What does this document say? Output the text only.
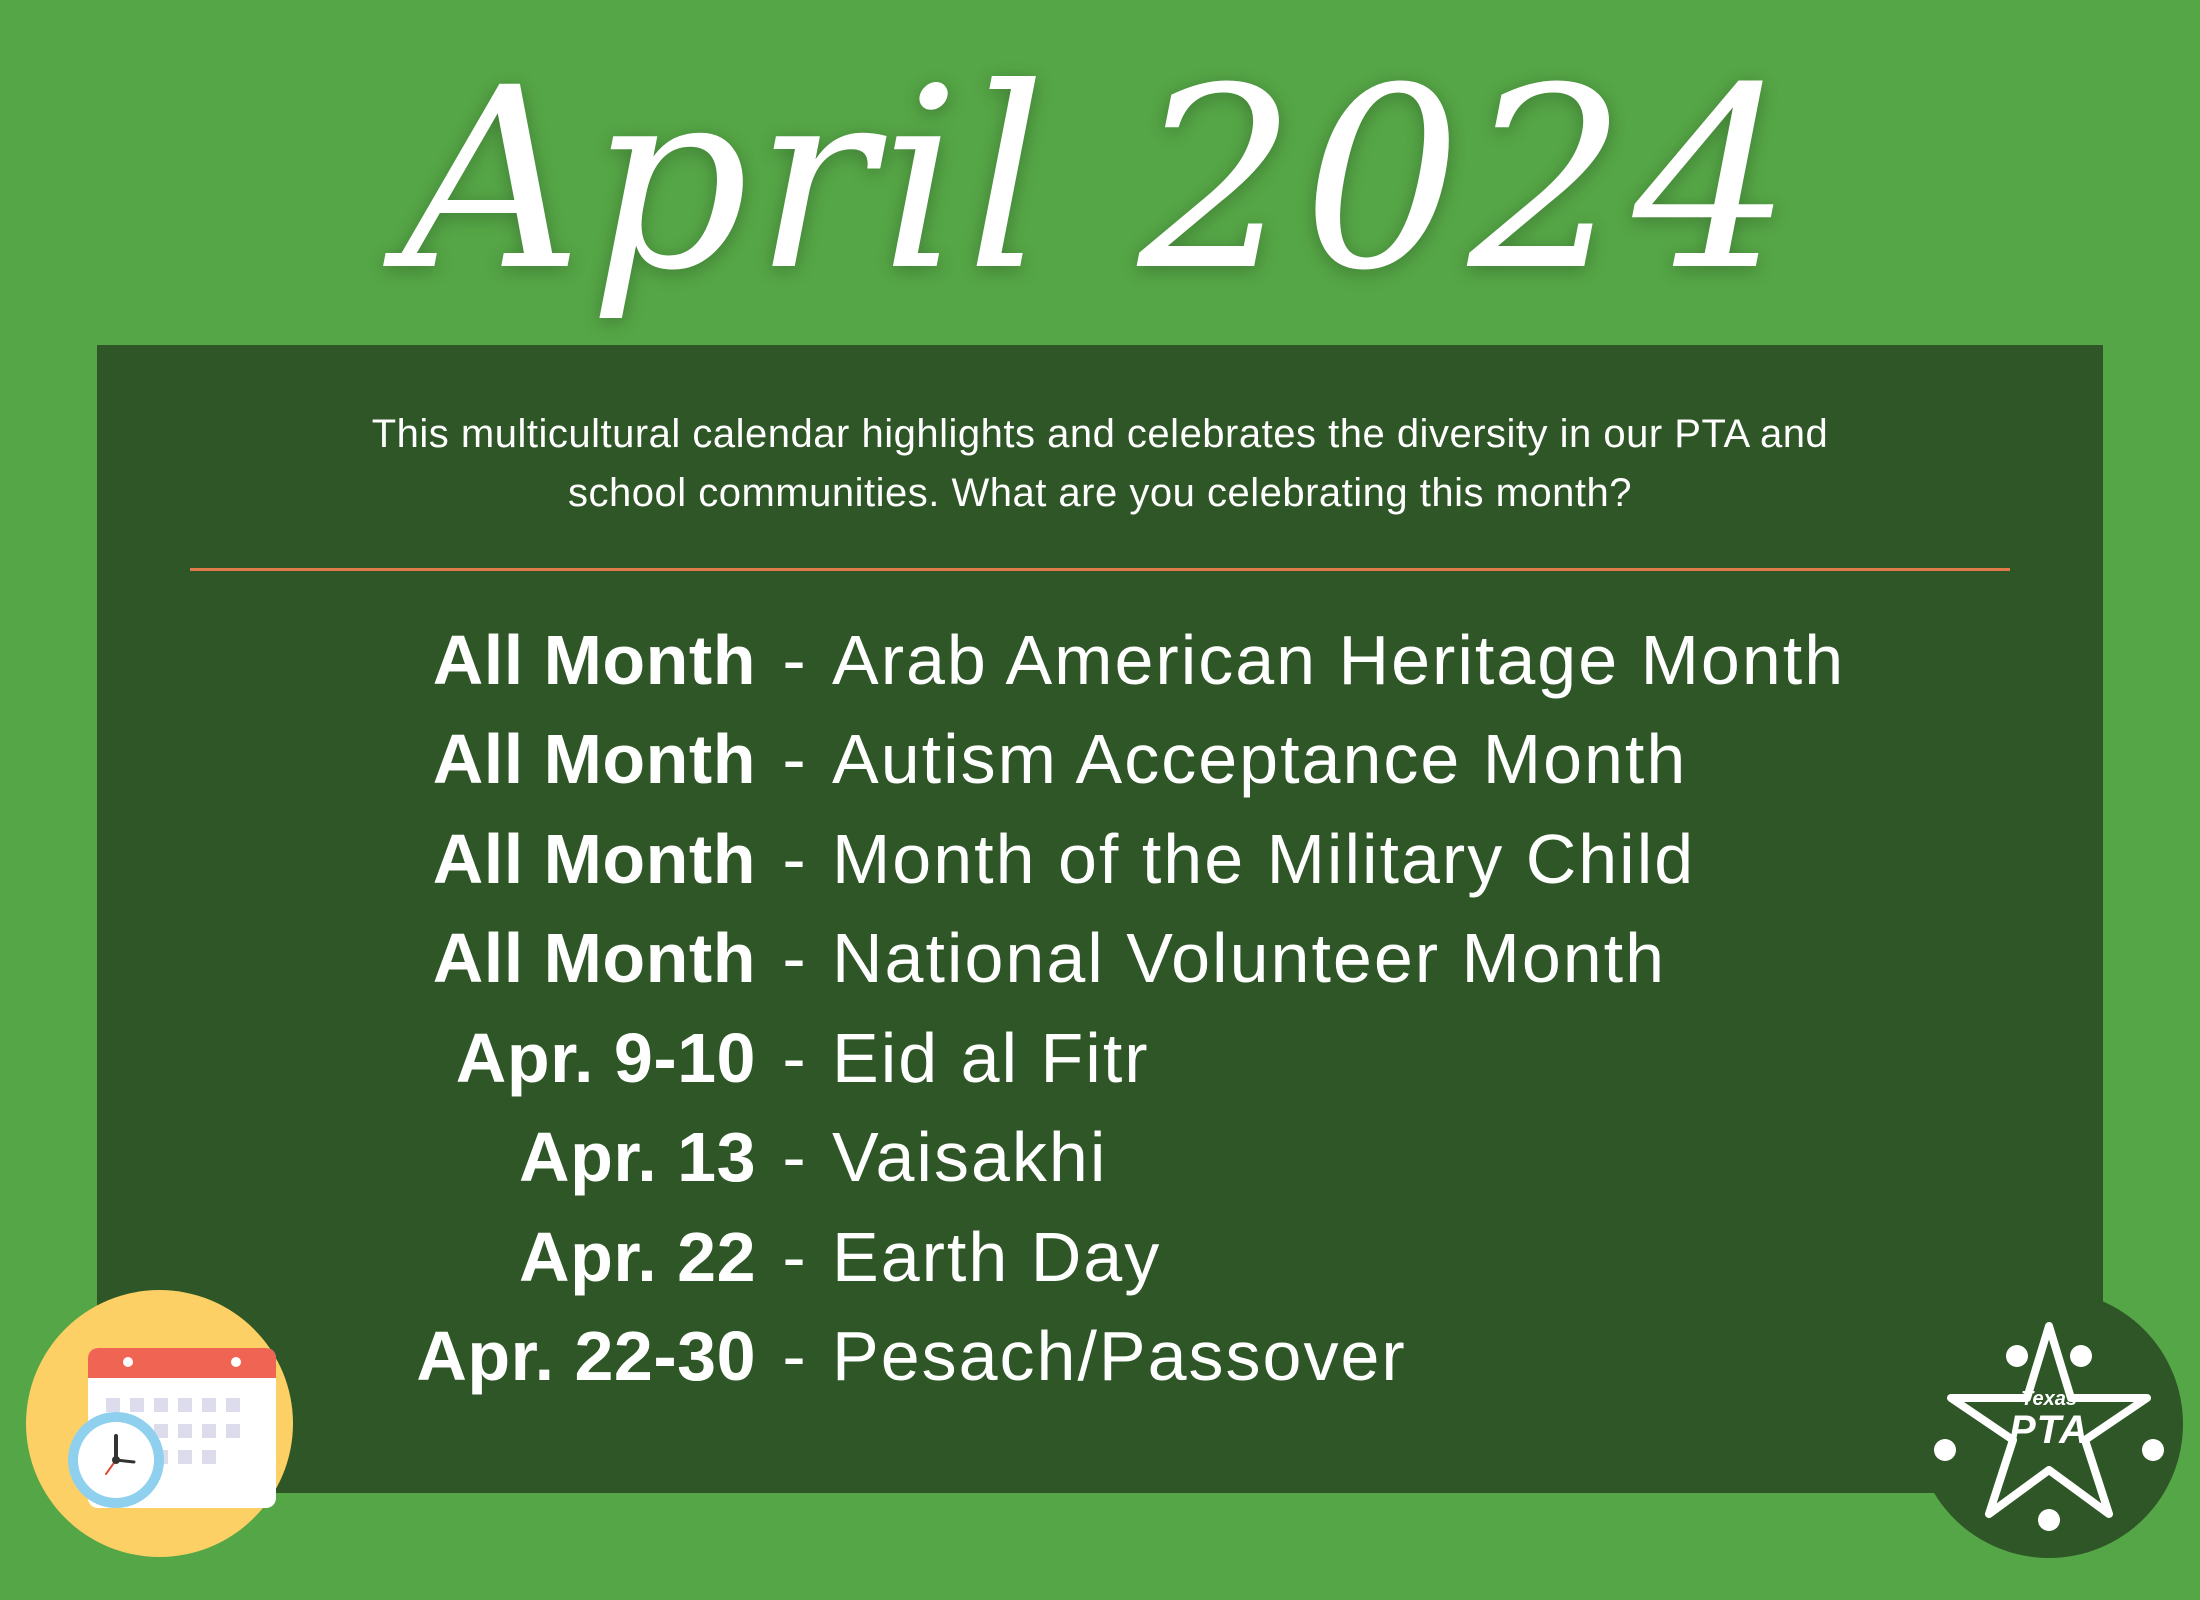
April 2024
This multicultural calendar highlights and celebrates the diversity in our PTA and
school communities. What are you celebrating this month?
All Month - Arab American Heritage Month
All Month - Autism Acceptance Month
All Month - Month of the Military Child
All Month - National Volunteer Month
Apr. 9-10 - Eid al Fitr
Apr. 13 - Vaisakhi
Apr. 22 - Earth Day
Apr. 22-30 - Pesach/Passover
Texas
PTA
